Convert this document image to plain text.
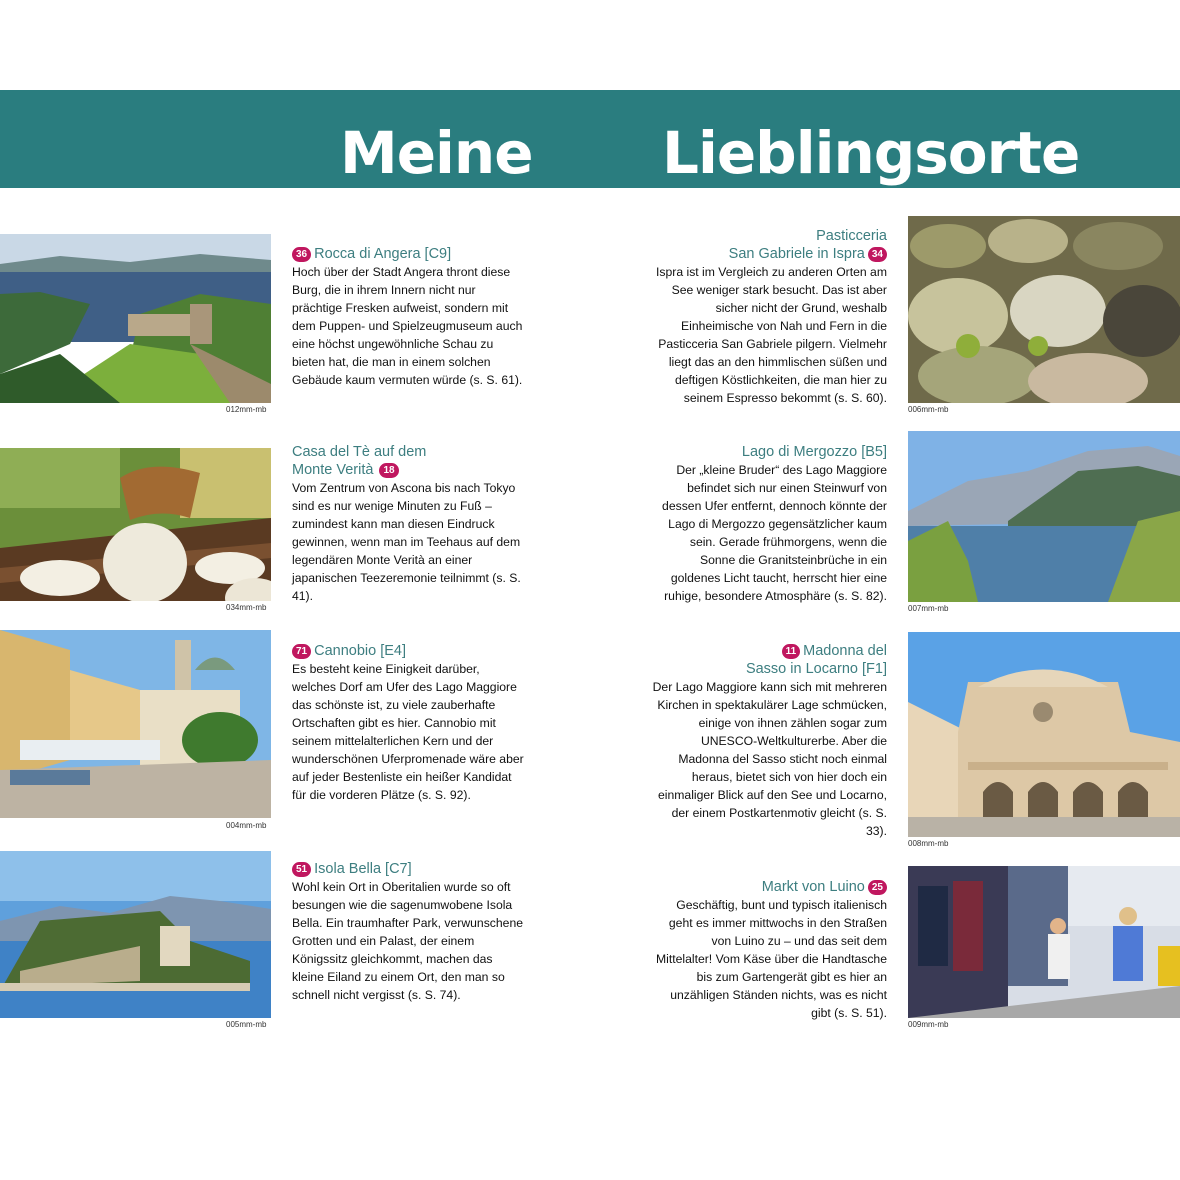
Meine Lieblingsorte
012mm-mb
36 Rocca di Angera [C9]
Hoch über der Stadt Angera thront diese Burg, die in ihrem Innern nicht nur prächtige Fresken aufweist, sondern mit dem Puppen- und Spielzeugmuseum auch eine höchst ungewöhnliche Schau zu bieten hat, die man in einem solchen Gebäude kaum vermuten würde (s. S. 61).
034mm-mb
Casa del Tè auf dem
Monte Verità 18
Vom Zentrum von Ascona bis nach Tokyo sind es nur wenige Minuten zu Fuß – zumindest kann man diesen Eindruck gewinnen, wenn man im Teehaus auf dem legendären Monte Verità an einer japanischen Teezeremonie teilnimmt (s. S. 41).
004mm-mb
71 Cannobio [E4]
Es besteht keine Einigkeit darüber, welches Dorf am Ufer des Lago Maggiore das schönste ist, zu viele zauberhafte Ortschaften gibt es hier. Cannobio mit seinem mittelalterlichen Kern und der wunderschönen Uferpromenade wäre aber auf jeder Bestenliste ein heißer Kandidat für die vorderen Plätze (s. S. 92).
005mm-mb
51 Isola Bella [C7]
Wohl kein Ort in Oberitalien wurde so oft besungen wie die sagenumwobene Isola Bella. Ein traumhafter Park, verwunschene Grotten und ein Palast, der einem Königssitz gleichkommt, machen das kleine Eiland zu einem Ort, den man so schnell nicht vergisst (s. S. 74).
006mm-mb
Pasticceria
San Gabriele in Ispra 34
Ispra ist im Vergleich zu anderen Orten am See weniger stark besucht. Das ist aber sicher nicht der Grund, weshalb Einheimische von Nah und Fern in die Pasticceria San Gabriele pilgern. Vielmehr liegt das an den himmlischen süßen und deftigen Köstlichkeiten, die man hier zu seinem Espresso bekommt (s. S. 60).
007mm-mb
Lago di Mergozzo [B5]
Der „kleine Bruder“ des Lago Maggiore befindet sich nur einen Steinwurf von dessen Ufer entfernt, dennoch könnte der Lago di Mergozzo gegensätzlicher kaum sein. Gerade frühmorgens, wenn die Sonne die Granitsteinbrüche in ein goldenes Licht taucht, herrscht hier eine ruhige, besondere Atmosphäre (s. S. 82).
008mm-mb
11 Madonna del
Sasso in Locarno [F1]
Der Lago Maggiore kann sich mit mehreren Kirchen in spektakulärer Lage schmücken, einige von ihnen zählen sogar zum UNESCO-Weltkulturerbe. Aber die Madonna del Sasso sticht noch einmal heraus, bietet sich von hier doch ein einmaliger Blick auf den See und Locarno, der einem Postkartenmotiv gleicht (s. S. 33).
009mm-mb
Markt von Luino 25
Geschäftig, bunt und typisch italienisch geht es immer mittwochs in den Straßen von Luino zu – und das seit dem Mittelalter! Vom Käse über die Handtasche bis zum Gartengerät gibt es hier an unzähligen Ständen nichts, was es nicht gibt (s. S. 51).
